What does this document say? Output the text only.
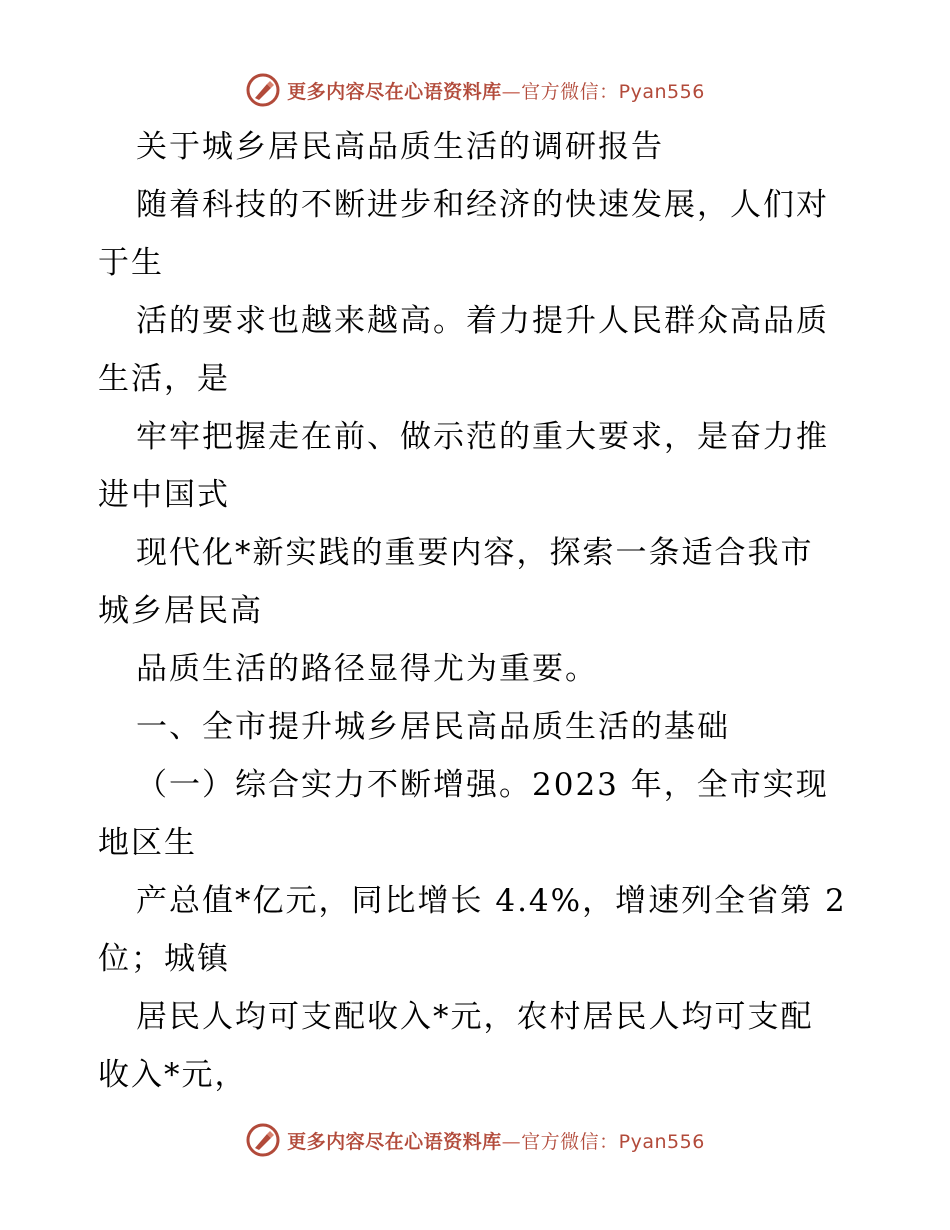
更多内容尽在心语资料库—官方微信：Pyan556
关于城乡居民高品质生活的调研报告
随着科技的不断进步和经济的快速发展，人们对
于生
活的要求也越来越高。着力提升人民群众高品质
生活，是
牢牢把握走在前、做示范的重大要求，是奋力推
进中国式
现代化*新实践的重要内容，探索一条适合我市
城乡居民高
品质生活的路径显得尤为重要。
一、全市提升城乡居民高品质生活的基础
（一）综合实力不断增强。2023 年，全市实现
地区生
产总值*亿元，同比增长 4.4%，增速列全省第 2
位；城镇
居民人均可支配收入*元，农村居民人均可支配
收入*元，
更多内容尽在心语资料库—官方微信：Pyan556
